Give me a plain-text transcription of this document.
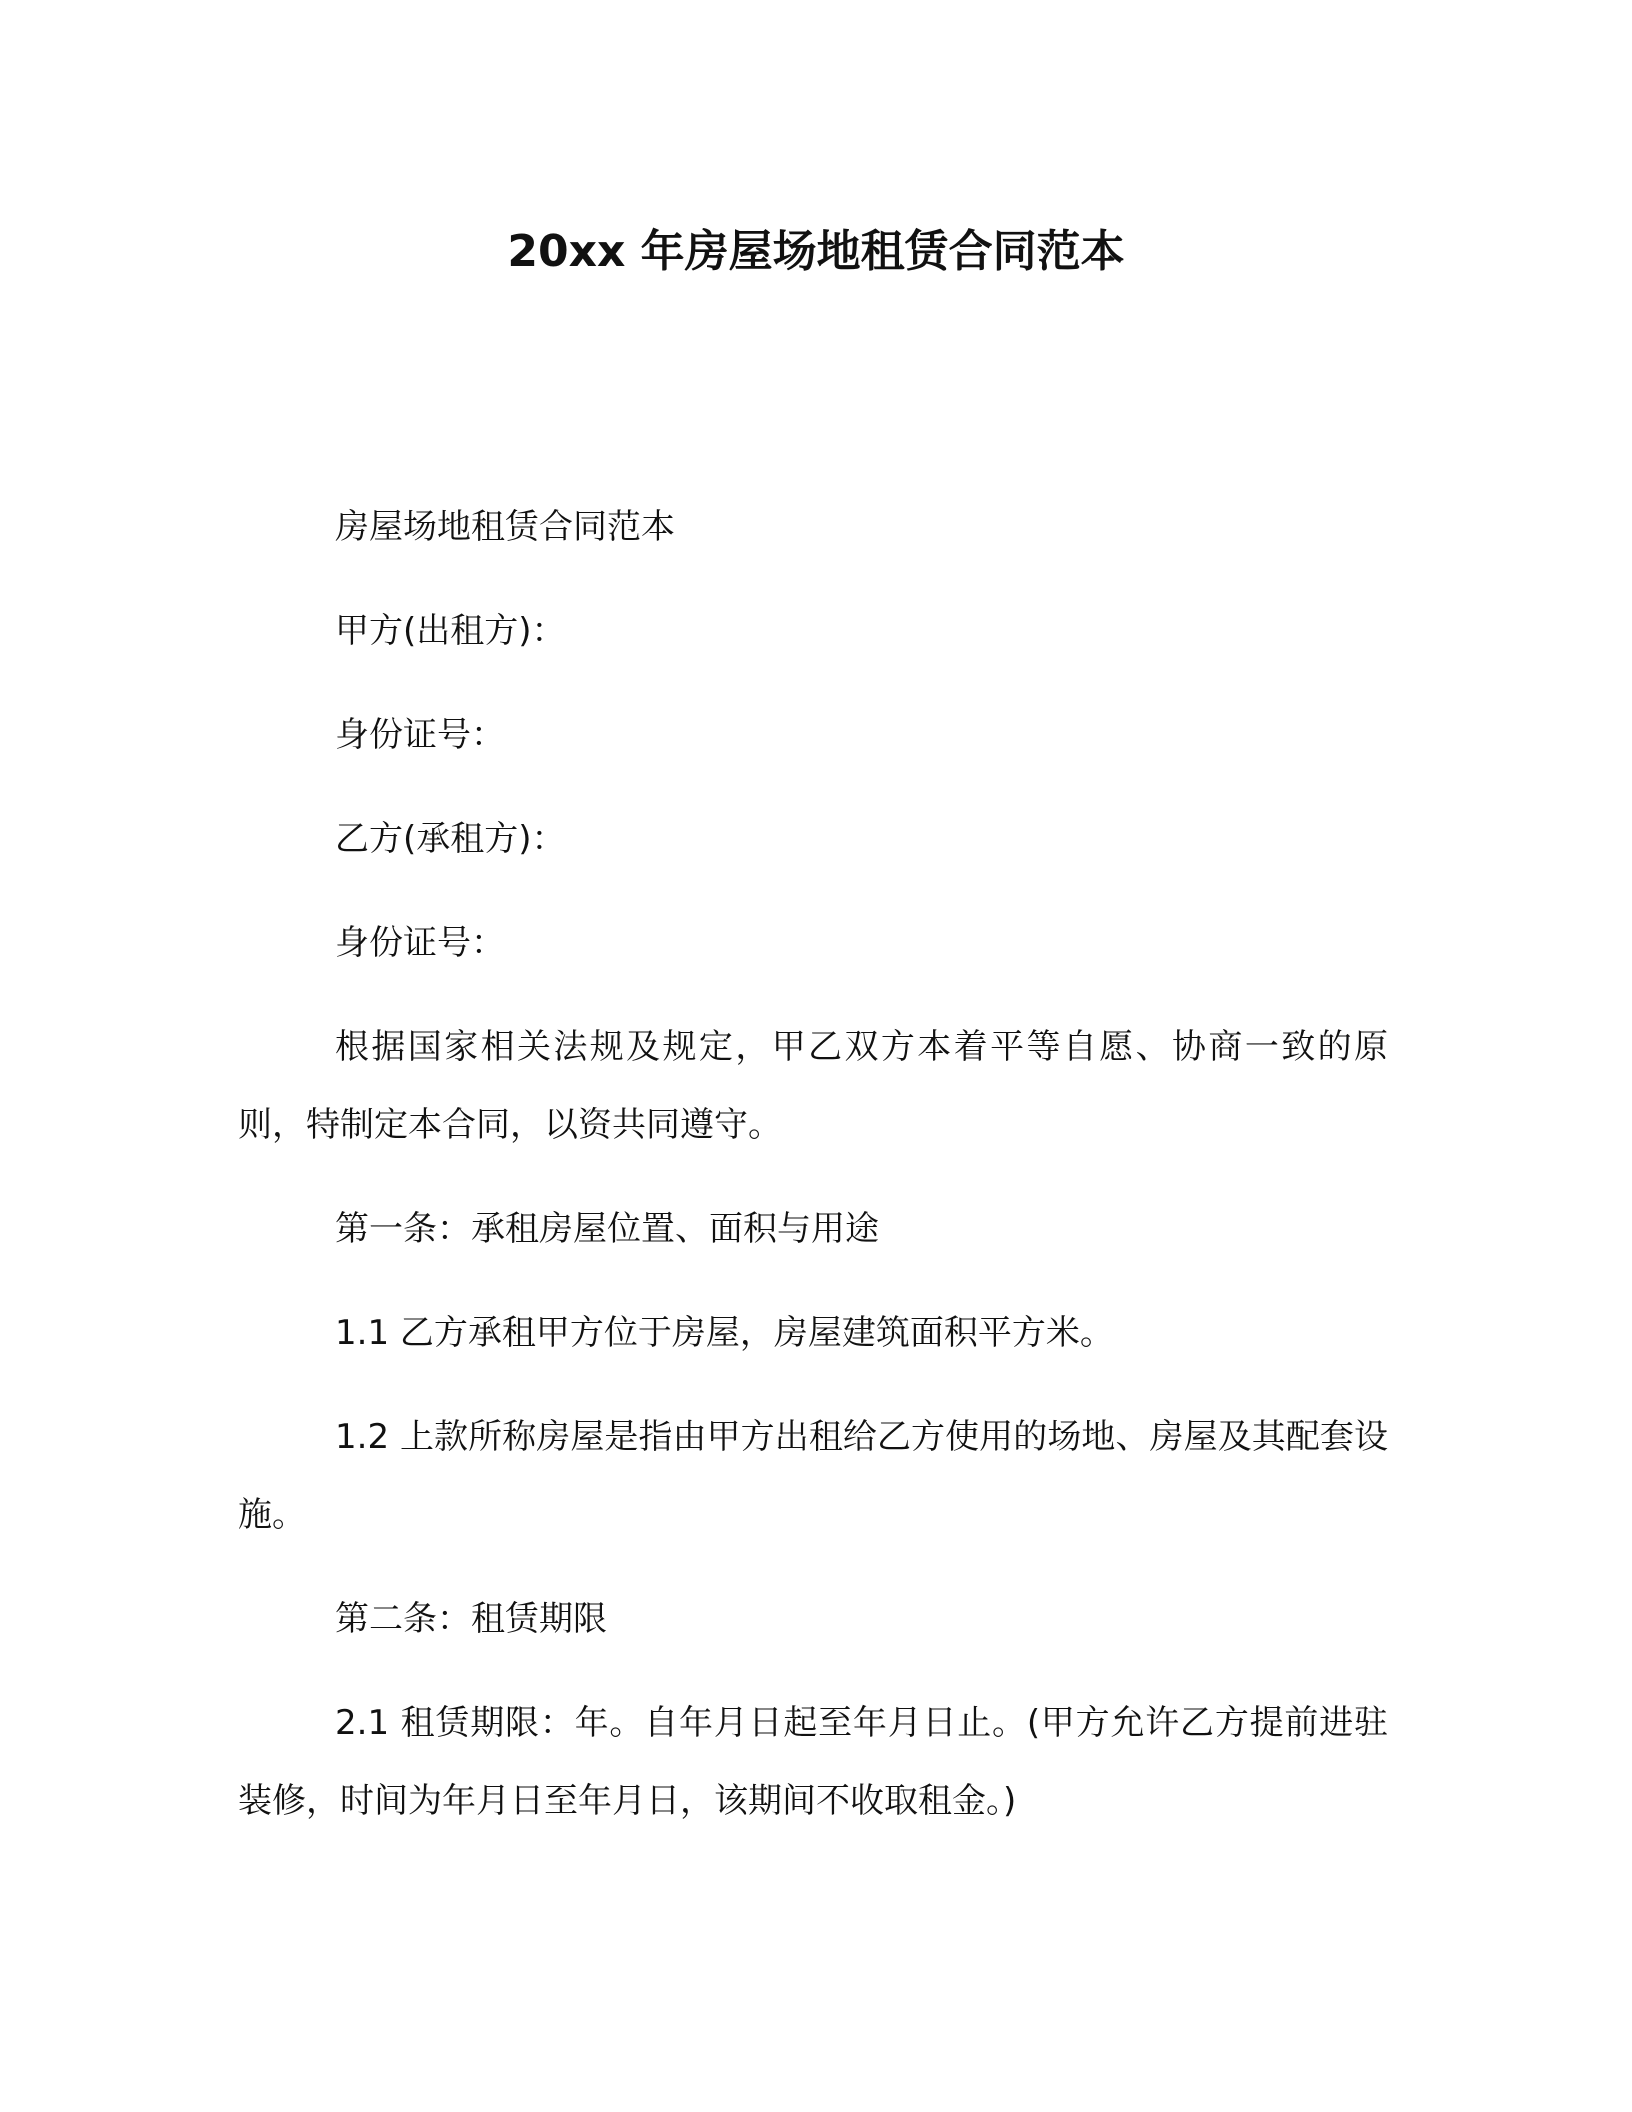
20xx 年房屋场地租赁合同范本

房屋场地租赁合同范本

甲方(出租方)：

身份证号：

乙方(承租方)：

身份证号：

根据国家相关法规及规定，甲乙双方本着平等自愿、协商一致的原则，特制定本合同，以资共同遵守。

第一条：承租房屋位置、面积与用途

1.1 乙方承租甲方位于房屋，房屋建筑面积平方米。

1.2 上款所称房屋是指由甲方出租给乙方使用的场地、房屋及其配套设施。

第二条：租赁期限

2.1 租赁期限：年。自年月日起至年月日止。(甲方允许乙方提前进驻装修，时间为年月日至年月日，该期间不收取租金。)
